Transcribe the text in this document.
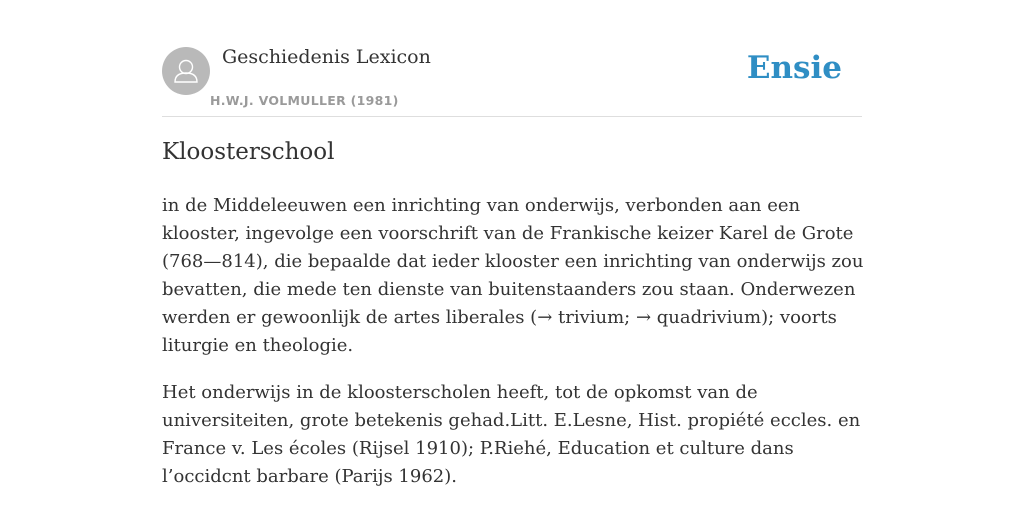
Geschiedenis Lexicon
H.W.J. VOLMULLER (1981)
Ensie
Kloosterschool

in de Middeleeuwen een inrichting van onderwijs, verbonden aan een klooster, ingevolge een voorschrift van de Frankische keizer Karel de Grote (768—814), die bepaalde dat ieder klooster een inrichting van onderwijs zou bevatten, die mede ten dienste van buitenstaanders zou staan. Onderwezen werden er gewoonlijk de artes liberales (→ trivium; → quadrivium); voorts liturgie en theologie.

Het onderwijs in de kloosterscholen heeft, tot de opkomst van de universiteiten, grote betekenis gehad.Litt. E.Lesne, Hist. propiété eccles. en France v. Les écoles (Rijsel 1910); P.Riehé, Education et culture dans l’occidcnt barbare (Parijs 1962).
